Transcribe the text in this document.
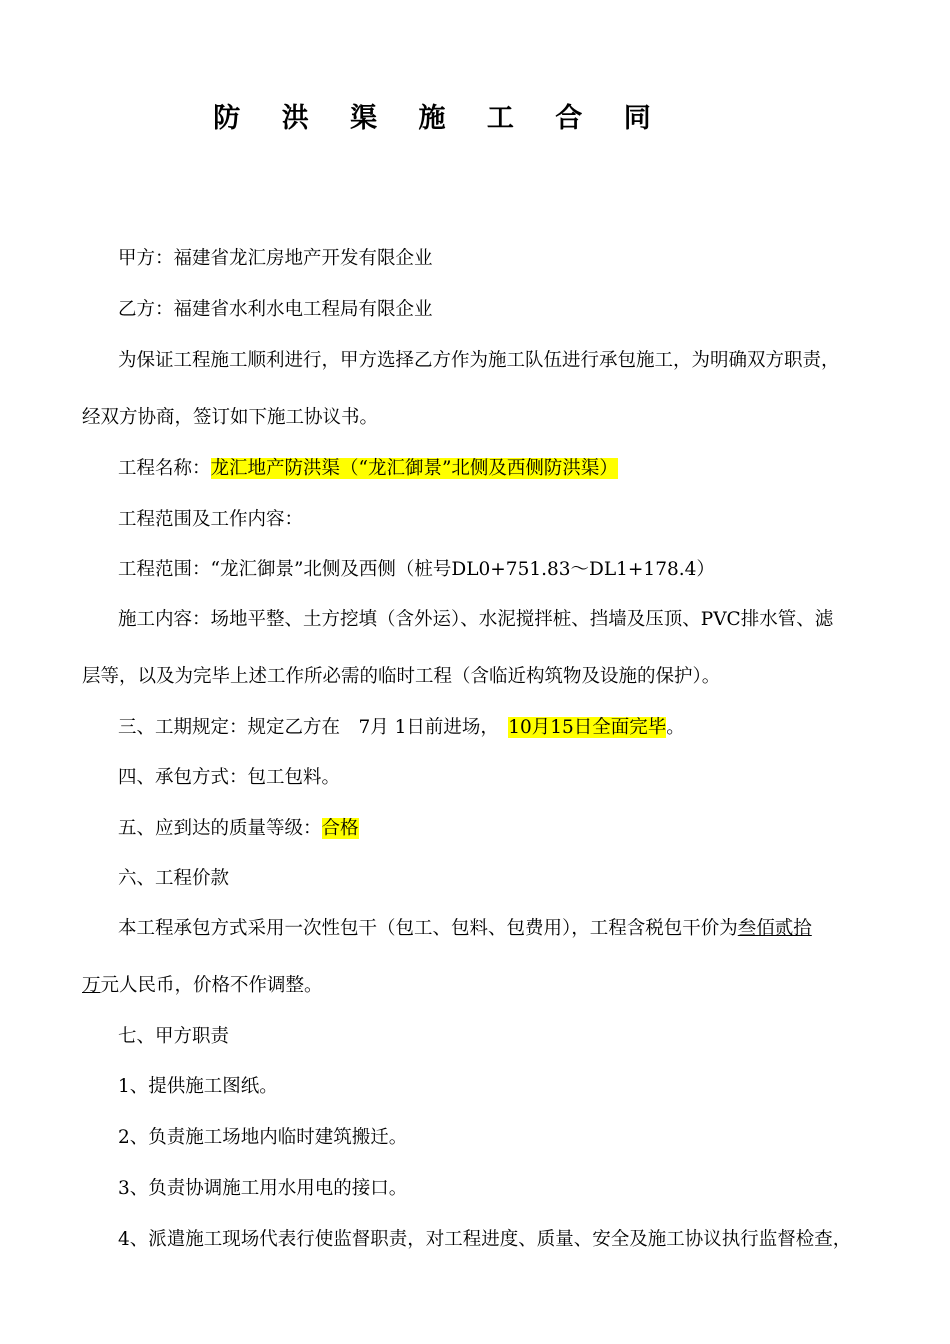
防 洪 渠 施 工 合 同
甲方：福建省龙汇房地产开发有限企业
乙方：福建省水利水电工程局有限企业
为保证工程施工顺利进行，甲方选择乙方作为施工队伍进行承包施工，为明确双方职责，
经双方协商，签订如下施工协议书。
工程名称：龙汇地产防洪渠（“龙汇御景”北侧及西侧防洪渠）
工程范围及工作内容：
工程范围：“龙汇御景”北侧及西侧（桩号DL0+751.83～DL1+178.4）
施工内容：场地平整、土方挖填（含外运）、水泥搅拌桩、挡墙及压顶、PVC排水管、滤
层等，以及为完毕上述工作所必需的临时工程（含临近构筑物及设施的保护）。
三、工期规定：规定乙方在　7月 1日前进场，　10月15日全面完毕。
四、承包方式：包工包料。
五、应到达的质量等级：合格
六、工程价款
本工程承包方式采用一次性包干（包工、包料、包费用），工程含税包干价为叁佰贰拾
万元人民币，价格不作调整。
七、甲方职责
1、提供施工图纸。
2、负责施工场地内临时建筑搬迁。
3、负责协调施工用水用电的接口。
4、派遣施工现场代表行使监督职责，对工程进度、质量、安全及施工协议执行监督检查，
